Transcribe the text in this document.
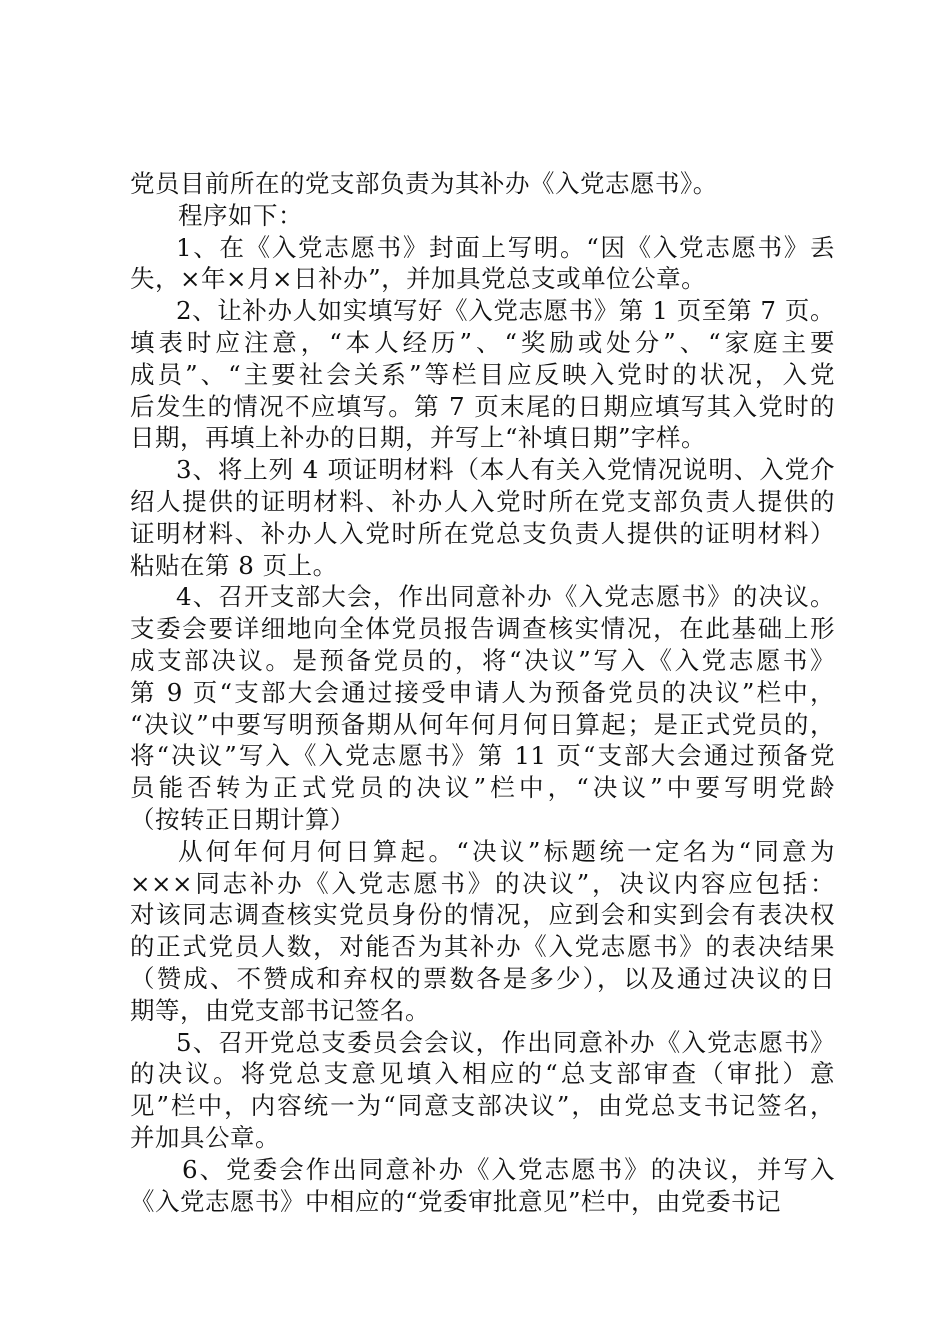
党员目前所在的党支部负责为其补办《入党志愿书》。
程序如下：
1、在《入党志愿书》封面上写明。“因《入党志愿书》丢
失，×年×月×日补办”，并加具党总支或单位公章。
2、让补办人如实填写好《入党志愿书》第 1 页至第 7 页。
填表时应注意，“本人经历”、“奖励或处分”、“家庭主要
成员”、“主要社会关系”等栏目应反映入党时的状况，入党
后发生的情况不应填写。第 7 页末尾的日期应填写其入党时的
日期，再填上补办的日期，并写上“补填日期”字样。
3、将上列 4 项证明材料（本人有关入党情况说明、入党介
绍人提供的证明材料、补办人入党时所在党支部负责人提供的
证明材料、补办人入党时所在党总支负责人提供的证明材料）
粘贴在第 8 页上。
4、召开支部大会，作出同意补办《入党志愿书》的决议。
支委会要详细地向全体党员报告调查核实情况，在此基础上形
成支部决议。是预备党员的，将“决议”写入《入党志愿书》
第 9 页“支部大会通过接受申请人为预备党员的决议”栏中，
“决议”中要写明预备期从何年何月何日算起；是正式党员的，
将“决议”写入《入党志愿书》第 11 页“支部大会通过预备党
员能否转为正式党员的决议”栏中，“决议”中要写明党龄
（按转正日期计算）
从何年何月何日算起。“决议”标题统一定名为“同意为
×××同志补办《入党志愿书》的决议”，决议内容应包括：
对该同志调查核实党员身份的情况，应到会和实到会有表决权
的正式党员人数，对能否为其补办《入党志愿书》的表决结果
（赞成、不赞成和弃权的票数各是多少），以及通过决议的日
期等，由党支部书记签名。
5、召开党总支委员会会议，作出同意补办《入党志愿书》
的决议。将党总支意见填入相应的“总支部审查（审批）意
见”栏中，内容统一为“同意支部决议”，由党总支书记签名，
并加具公章。
6、党委会作出同意补办《入党志愿书》的决议，并写入
《入党志愿书》中相应的“党委审批意见”栏中，由党委书记
